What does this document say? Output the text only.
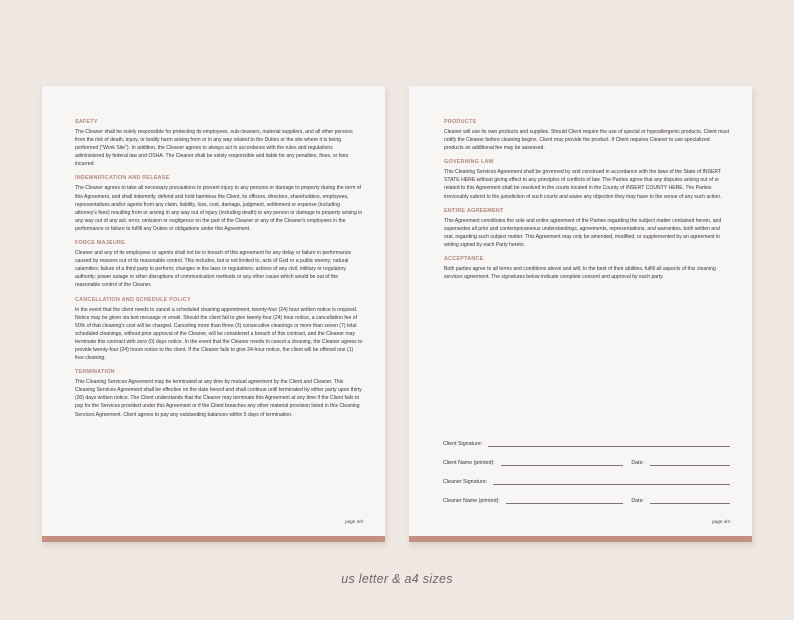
SAFETY
The Cleaner shall be solely responsible for protecting its employees, sub-cleaners, material suppliers, and all other persons from the risk of death, injury, or bodily harm arising from or in any way related to the Duties or the site where it is being performed ("Work Site"). In addition, the Cleaner agrees to always act in accordance with the rules and regulations administered by federal law and OSHA. The Cleaner shall be solely responsible and liable for any penalties, fines, or fees incurred.
INDEMNIFICATION AND RELEASE
The Cleaner agrees to take all necessary precautions to prevent injury to any persons or damage to property during the term of this Agreement, and shall indemnify, defend and hold harmless the Client, its officers, directors, shareholders, employees, representatives and/or agents from any claim, liability, loss, cost, damage, judgment, settlement or expense (including attorney's fees) resulting from or arising in any way out of injury (including death) to any person or damage to property arising in any way out of any act, error, omission or negligence on the part of the Cleaner or any of the Cleaner's employees in the performance or failure to fulfill any Duties or obligations under this Agreement.
FORCE MAJEURE
Cleaner and any of its employees or agents shall not be in breach of this agreement for any delay or failure in performance caused by reasons out of its reasonable control. This includes, but is not limited to, acts of God or a public enemy; natural calamities; failure of a third party to perform; changes in the laws or regulations; actions of any civil, military or regulatory authority; power outage or other disruptions of communication methods or any other cause which would be out of the reasonable control of the Cleaner.
CANCELLATION AND SCHEDULE POLICY
In the event that the client needs to cancel a scheduled cleaning appointment, twenty-four (24) hour written notice is required. Notice may be given via text message or email. Should the client fail to give twenty-four (24) hour notice, a cancellation fee of 50% of that cleaning's cost will be charged. Canceling more than three (3) consecutive cleanings or more than seven (7) total scheduled cleanings, without prior approval of the Cleaner, will be considered a breach of this contract, and the Cleaner may terminate this contract with zero (0) days notice. In the event that the Cleaner needs to cancel a cleaning, the Cleaner agrees to provide twenty-four (24) hours notice to the client. If the Cleaner fails to give 24-hour notice, the client will be offered one (1) free cleaning.
TERMINATION
This Cleaning Services Agreement may be terminated at any time by mutual agreement by the Client and Cleaner. This Cleaning Services Agreement shall be effective on the date hereof and shall continue until terminated by either party upon thirty (30) days written notice. The Client understands that the Cleaner may terminate this Agreement at any time if the Client fails to pay for the Services provided under this Agreement or if the Client breaches any other material provision listed in this Cleaning Services Agreement. Client agrees to pay any outstanding balances within 5 days of termination.
page 3/4
PRODUCTS
Cleaner will use its own products and supplies. Should Client require the use of special or hypoallergenic products, Client must notify the Cleaner before cleaning begins. Client may provide the product. If Client requires Cleaner to use specialized products an additional fee may be assessed.
GOVERNING LAW
This Cleaning Services Agreement shall be governed by and construed in accordance with the laws of the State of INSERT STATE HERE without giving effect to any principles of conflicts of law. The Parties agree that any disputes arising out of or related to this Agreement shall be resolved in the courts located in the County of INSERT COUNTY HERE. The Parties irrevocably submit to the jurisdiction of such courts and waive any objection they may have to the venue of any such action.
ENTIRE AGREEMENT
This Agreement constitutes the sole and entire agreement of the Parties regarding the subject matter contained herein, and supersedes all prior and contemporaneous understandings, agreements, representations, and warranties, both written and oral, regarding such subject matter. This Agreement may only be amended, modified, or supplemented by an agreement in writing signed by each Party hereto.
ACCEPTANCE
Both parties agree to all terms and conditions above and will, to the best of their abilities, fulfill all aspects of this cleaning services agreement. The signatures below indicate complete consent and approval by each party.
Client Signature:
Client Name (printed):	Date:
Cleaner Signature:
Cleaner Name (printed):	Date:
page 4/4
us letter & a4 sizes
